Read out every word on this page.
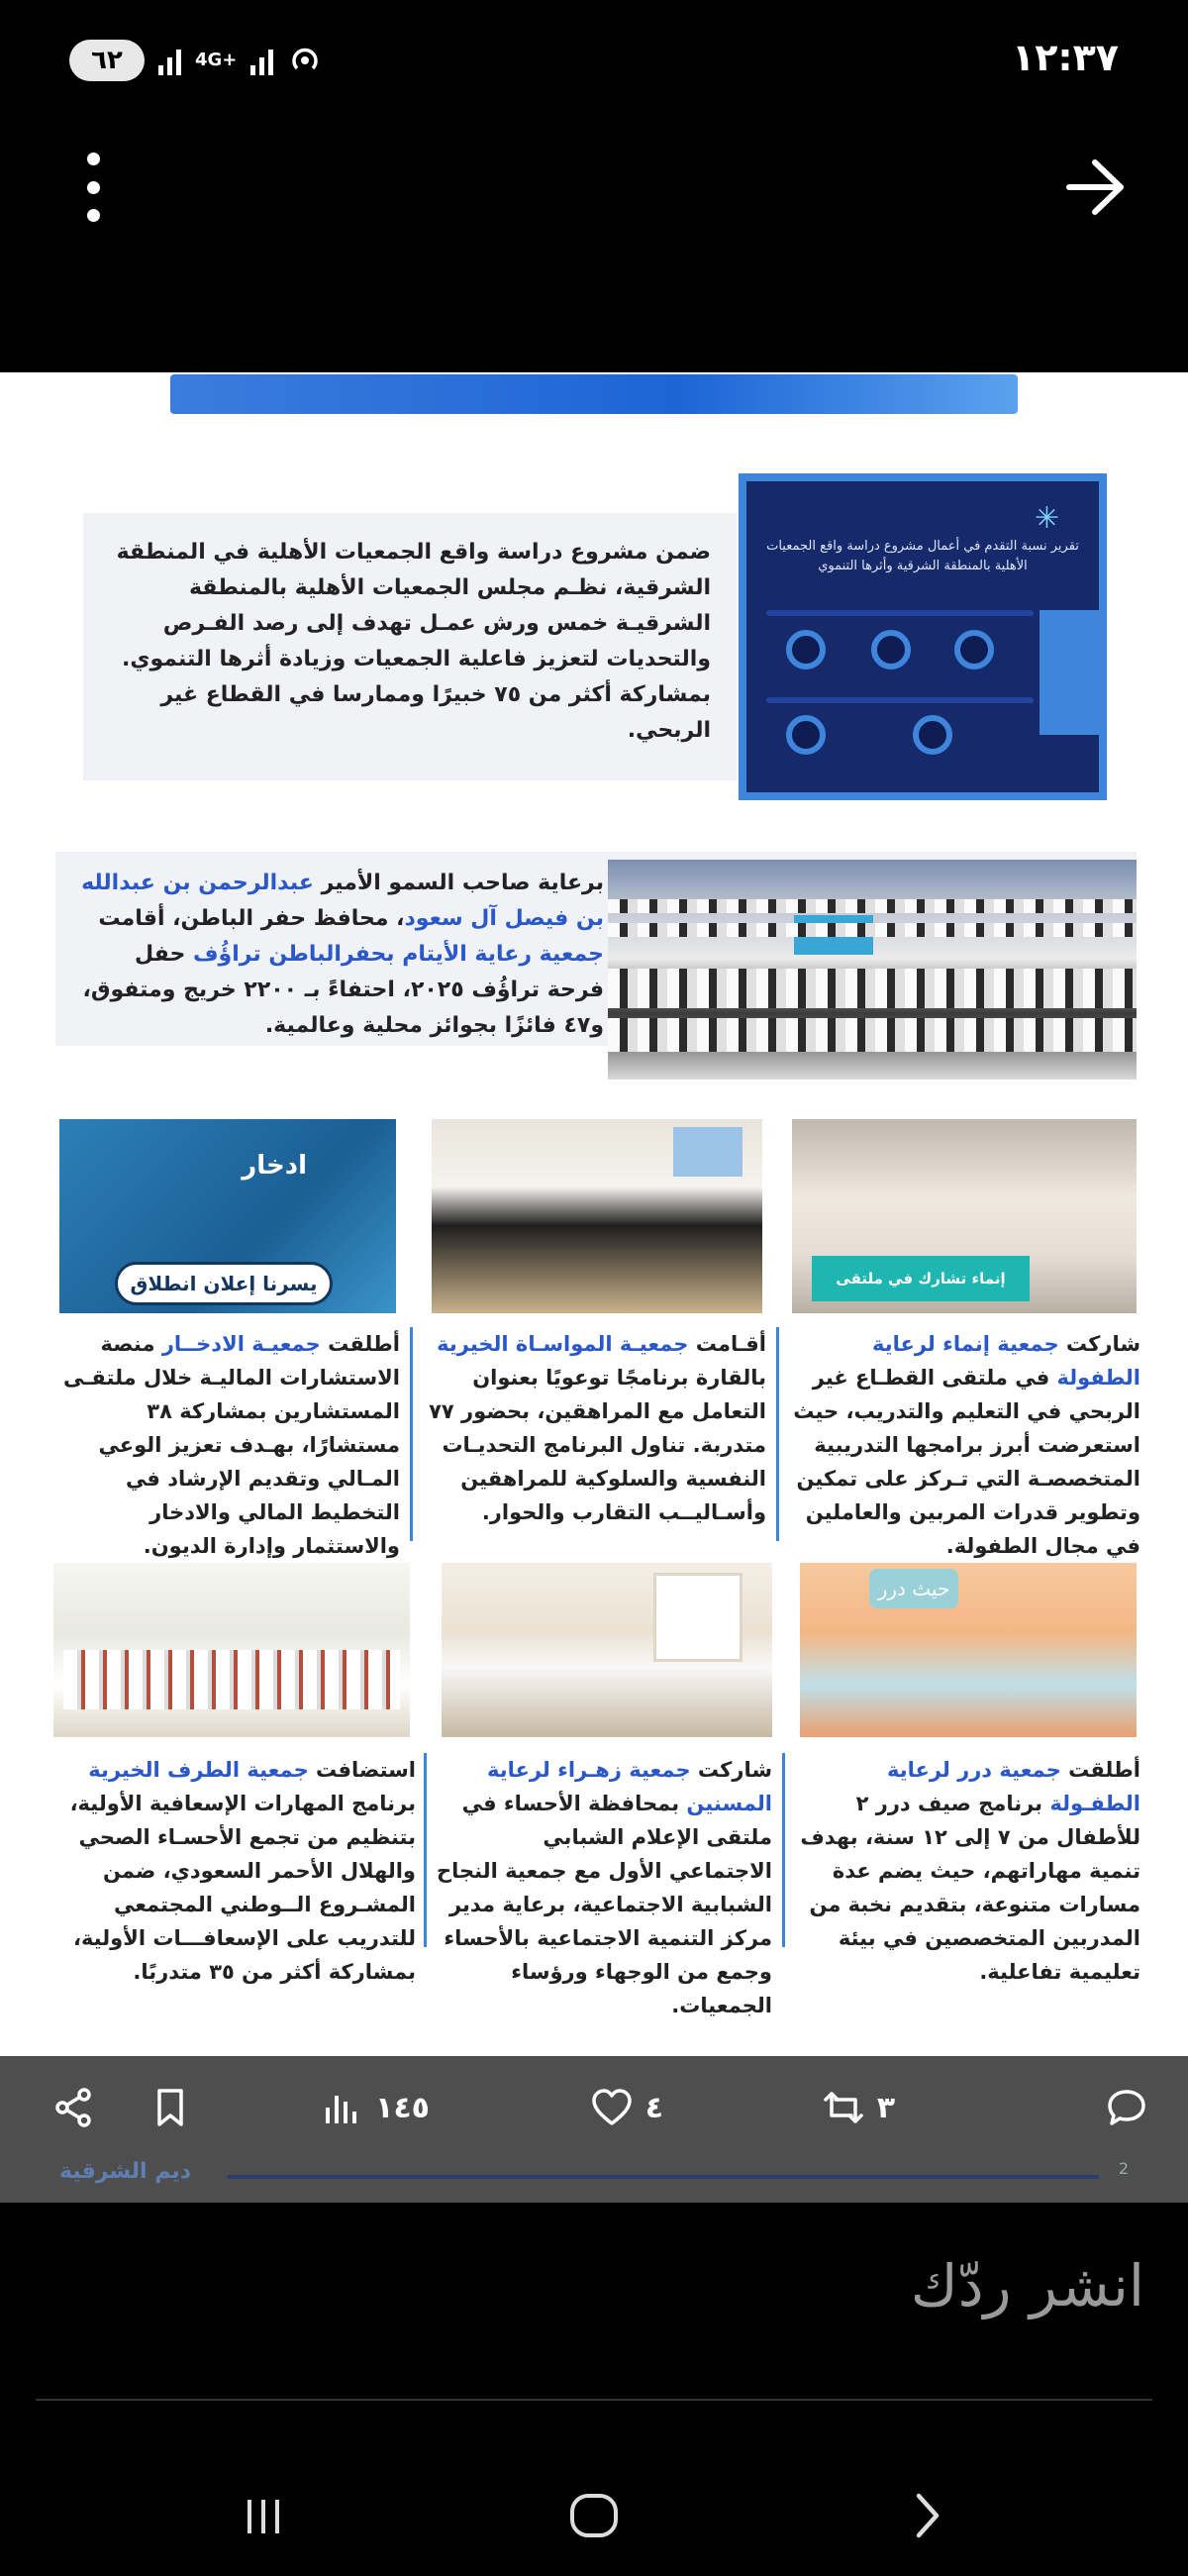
٦٢	4G+	١٢:٣٧
ضمن مشروع دراسة واقع الجمعيات الأهلية في المنطقة الشرقية، نظـم مجلس الجمعيات الأهلية بالمنطقة الشرقيـة خمس ورش عمـل تهدف إلى رصد الفـرص والتحديات لتعزيز فاعلية الجمعيات وزيادة أثرها التنموي. بمشاركة أكثر من ٧٥ خبيرًا وممارسا في القطاع غير الربحي.
✳
تقرير نسبة التقدم في أعمال مشروع دراسة واقع الجمعيات الأهلية بالمنطقة الشرقية وأثرها التنموي
برعاية صاحب السمو الأمير عبدالرحمن بن عبدالله بن فيصل آل سعود، محافظ حفر الباطن، أقامت جمعية رعاية الأيتام بحفرالباطن تراؤُف حفل فرحة تراؤُف ٢٠٢٥، احتفاءً بـ ٢٢٠٠ خريج ومتفوق، و٤٧ فائزًا بجوائز محلية وعالمية.
إنماء تشارك في ملتقى القطاع غير الربحي
ادخار
يسرنا إعلان انطلاق
شاركت جمعية إنماء لرعاية الطفولة في ملتقى القطـاع غير الربحي في التعليم والتدريب، حيث استعرضت أبرز برامجها التدريبية المتخصصـة التي تـركز على تمكين وتطوير قدرات المربين والعاملين في مجال الطفولة.
أقـامت جمعيـة المواسـاة الخيرية بالقارة برنامجًا توعويًا بعنوان التعامل مع المراهقين، بحضور ٧٧ متدربة. تناول البرنامج التحديـات النفسية والسلوكية للمراهقين وأسـاليــب التقارب والحوار.
أطلقت جمعيـة الادخــار منصة الاستشارات الماليـة خلال ملتقـى المستشارين بمشاركة ٣٨ مستشارًا، بهـدف تعزيز الوعي المـالي وتقديم الإرشاد في التخطيط المالي والادخار والاستثمار وإدارة الديون.
حيث درر
أطلقت جمعية درر لرعاية الطفـولة برنامج صيف درر ٢ للأطفال من ٧ إلى ١٢ سنة، بهدف تنمية مهاراتهم، حيث يضم عدة مسارات متنوعة، بتقديم نخبة من المدربين المتخصصين في بيئة تعليمية تفاعلية.
شاركت جمعية زهـراء لرعاية المسنين بمحافظة الأحساء في ملتقى الإعلام الشبابي الاجتماعي الأول مع جمعية النجاح الشبابية الاجتماعية، برعاية مدير مركز التنمية الاجتماعية بالأحساء وجمع من الوجهاء ورؤساء الجمعيات.
استضافت جمعية الطرف الخيرية برنامج المهارات الإسعافية الأولية، بتنظيم من تجمع الأحسـاء الصحي والهلال الأحمر السعودي، ضمن المشـروع الــوطني المجتمعي للتدريب على الإسعافـــات الأولية، بمشاركة أكثر من ٣٥ متدربًا.
٣
٤
١٤٥
ديم الشرقية	2
انشر ردّك
